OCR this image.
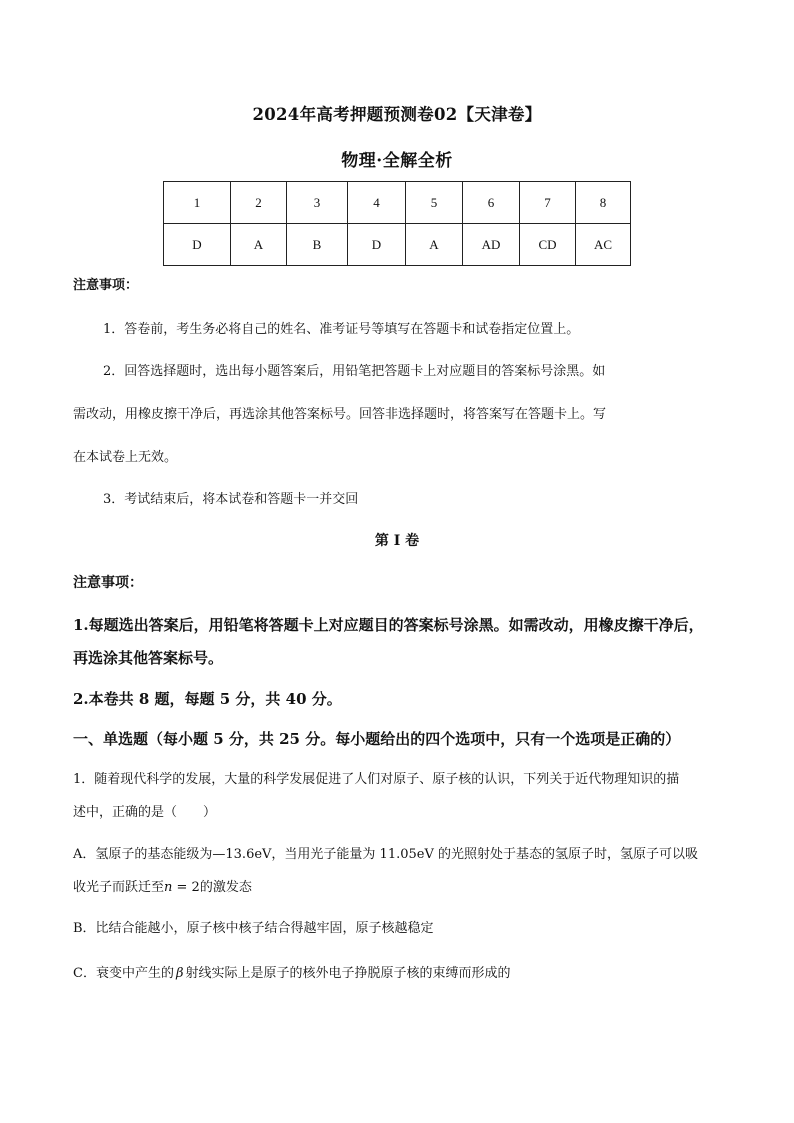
2024年高考押题预测卷02【天津卷】
物理·全解全析
1	2	3	4	5	6	7	8
D	A	B	D	A	AD	CD	AC
注意事项：
1．答卷前，考生务必将自己的姓名、准考证号等填写在答题卡和试卷指定位置上。
2．回答选择题时，选出每小题答案后，用铅笔把答题卡上对应题目的答案标号涂黑。如
需改动，用橡皮擦干净后，再选涂其他答案标号。回答非选择题时，将答案写在答题卡上。写
在本试卷上无效。
3．考试结束后，将本试卷和答题卡一并交回
第 I 卷
注意事项：
1.每题选出答案后，用铅笔将答题卡上对应题目的答案标号涂黑。如需改动，用橡皮擦干净后，
再选涂其他答案标号。
2.本卷共 8 题，每题 5 分，共 40 分。
一、单选题（每小题 5 分，共 25 分。每小题给出的四个选项中，只有一个选项是正确的）
1．随着现代科学的发展，大量的科学发展促进了人们对原子、原子核的认识，下列关于近代物理知识的描
述中，正确的是（　　）
A．氢原子的基态能级为—13.6eV，当用光子能量为 11.05eV 的光照射处于基态的氢原子时，氢原子可以吸
收光子而跃迁至n = 2的激发态
B．比结合能越小，原子核中核子结合得越牢固，原子核越稳定
C．衰变中产生的 β 射线实际上是原子的核外电子挣脱原子核的束缚而形成的
